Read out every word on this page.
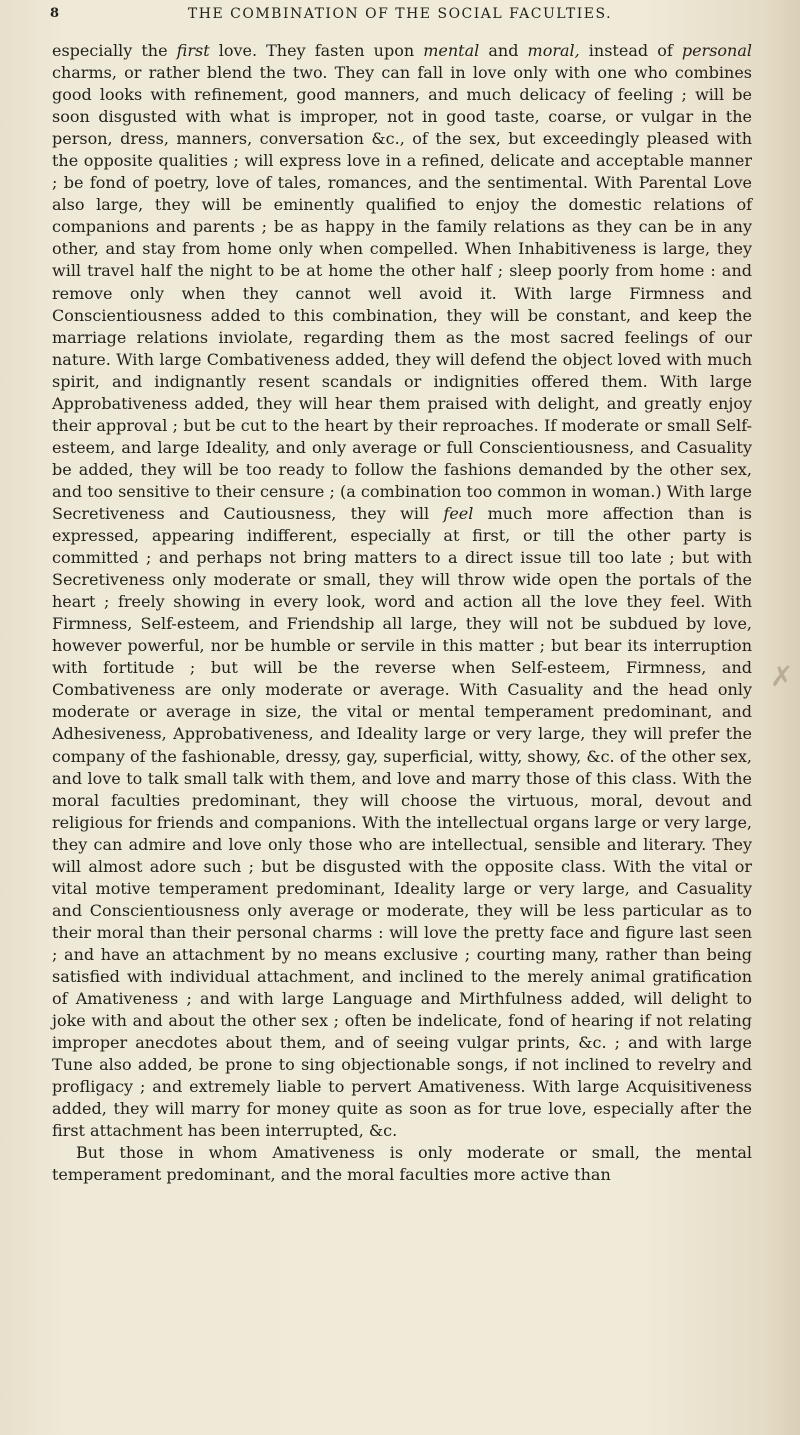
8	THE COMBINATION OF THE SOCIAL FACULTIES.

especially the first love. They fasten upon mental and moral, instead of personal charms, or rather blend the two. They can fall in love only with one who combines good looks with refinement, good manners, and much delicacy of feeling ; will be soon disgusted with what is improper, not in good taste, coarse, or vulgar in the person, dress, manners, conversation &c., of the sex, but exceedingly pleased with the opposite qualities ; will express love in a refined, delicate and acceptable manner ; be fond of poetry, love of tales, romances, and the sentimental. With Parental Love also large, they will be eminently qualified to enjoy the domestic relations of companions and parents ; be as happy in the family relations as they can be in any other, and stay from home only when compelled. When Inhabitiveness is large, they will travel half the night to be at home the other half ; sleep poorly from home : and remove only when they cannot well avoid it. With large Firmness and Conscientiousness added to this combination, they will be constant, and keep the marriage relations inviolate, regarding them as the most sacred feelings of our nature. With large Combativeness added, they will defend the object loved with much spirit, and indignantly resent scandals or indignities offered them. With large Approbativeness added, they will hear them praised with delight, and greatly enjoy their approval ; but be cut to the heart by their reproaches. If moderate or small Self-esteem, and large Ideality, and only average or full Conscientiousness, and Casuality be added, they will be too ready to follow the fashions demanded by the other sex, and too sensitive to their censure ; (a combination too common in woman.) With large Secretiveness and Cautiousness, they will feel much more affection than is expressed, appearing indifferent, especially at first, or till the other party is committed ; and perhaps not bring matters to a direct issue till too late ; but with Secretiveness only moderate or small, they will throw wide open the portals of the heart ; freely showing in every look, word and action all the love they feel. With Firmness, Self-esteem, and Friendship all large, they will not be subdued by love, however powerful, nor be humble or servile in this matter ; but bear its interruption with fortitude ; but will be the reverse when Self-esteem, Firmness, and Combativeness are only moderate or average. With Casuality and the head only moderate or average in size, the vital or mental temperament predominant, and Adhesiveness, Approbativeness, and Ideality large or very large, they will prefer the company of the fashionable, dressy, gay, superficial, witty, showy, &c. of the other sex, and love to talk small talk with them, and love and marry those of this class. With the moral faculties predominant, they will choose the virtuous, moral, devout and religious for friends and companions. With the intellectual organs large or very large, they can admire and love only those who are intellectual, sensible and literary. They will almost adore such ; but be disgusted with the opposite class. With the vital or vital motive temperament predominant, Ideality large or very large, and Casuality and Conscientiousness only average or moderate, they will be less particular as to their moral than their personal charms : will love the pretty face and figure last seen ; and have an attachment by no means exclusive ; courting many, rather than being satisfied with individual attachment, and inclined to the merely animal gratification of Amativeness ; and with large Language and Mirthfulness added, will delight to joke with and about the other sex ; often be indelicate, fond of hearing if not relating improper anecdotes about them, and of seeing vulgar prints, &c. ; and with large Tune also added, be prone to sing objectionable songs, if not inclined to revelry and profligacy ; and extremely liable to pervert Amativeness. With large Acquisitiveness added, they will marry for money quite as soon as for true love, especially after the first attachment has been interrupted, &c.

But those in whom Amativeness is only moderate or small, the mental temperament predominant, and the moral faculties more active than

✗
